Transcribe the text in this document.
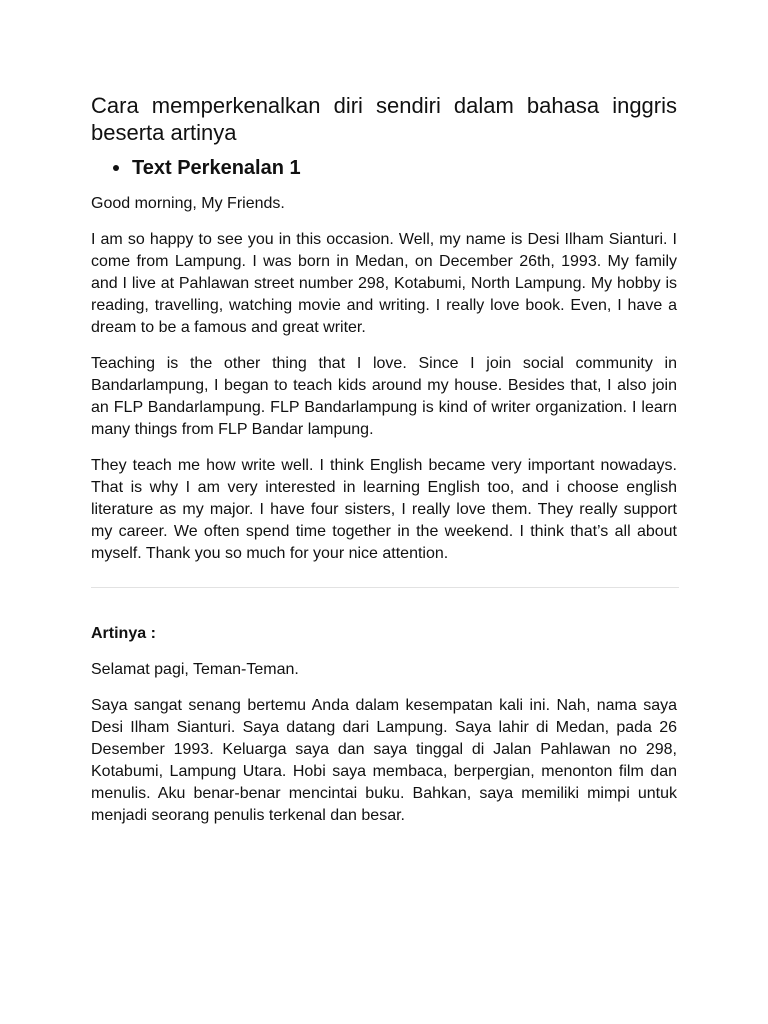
Cara memperkenalkan diri sendiri dalam bahasa inggris beserta artinya
Text Perkenalan 1

Good morning, My Friends.

I am so happy to see you in this occasion. Well, my name is Desi Ilham Sianturi. I come from Lampung. I was born in Medan, on December 26th, 1993. My family and I live at Pahlawan street number 298, Kotabumi, North Lampung. My hobby is reading, travelling, watching movie and writing. I really love book. Even, I have a dream to be a famous and great writer.

Teaching is the other thing that I love. Since I join social community in Bandarlampung, I began to teach kids around my house. Besides that, I also join an FLP Bandarlampung. FLP Bandarlampung is kind of writer organization. I learn many things from FLP Bandar lampung.

They teach me how write well. I think English became very important nowadays. That is why I am very interested in learning English too, and i choose english literature as my major. I have four sisters, I really love them. They really support my career. We often spend time together in the weekend. I think that’s all about myself. Thank you so much for your nice attention.

Artinya :

Selamat pagi, Teman-Teman.

Saya sangat senang bertemu Anda dalam kesempatan kali ini. Nah, nama saya Desi Ilham Sianturi. Saya datang dari Lampung. Saya lahir di Medan, pada 26 Desember 1993. Keluarga saya dan saya tinggal di Jalan Pahlawan no 298, Kotabumi, Lampung Utara. Hobi saya membaca, berpergian, menonton film dan menulis. Aku benar-benar mencintai buku. Bahkan, saya memiliki mimpi untuk menjadi seorang penulis terkenal dan besar.
